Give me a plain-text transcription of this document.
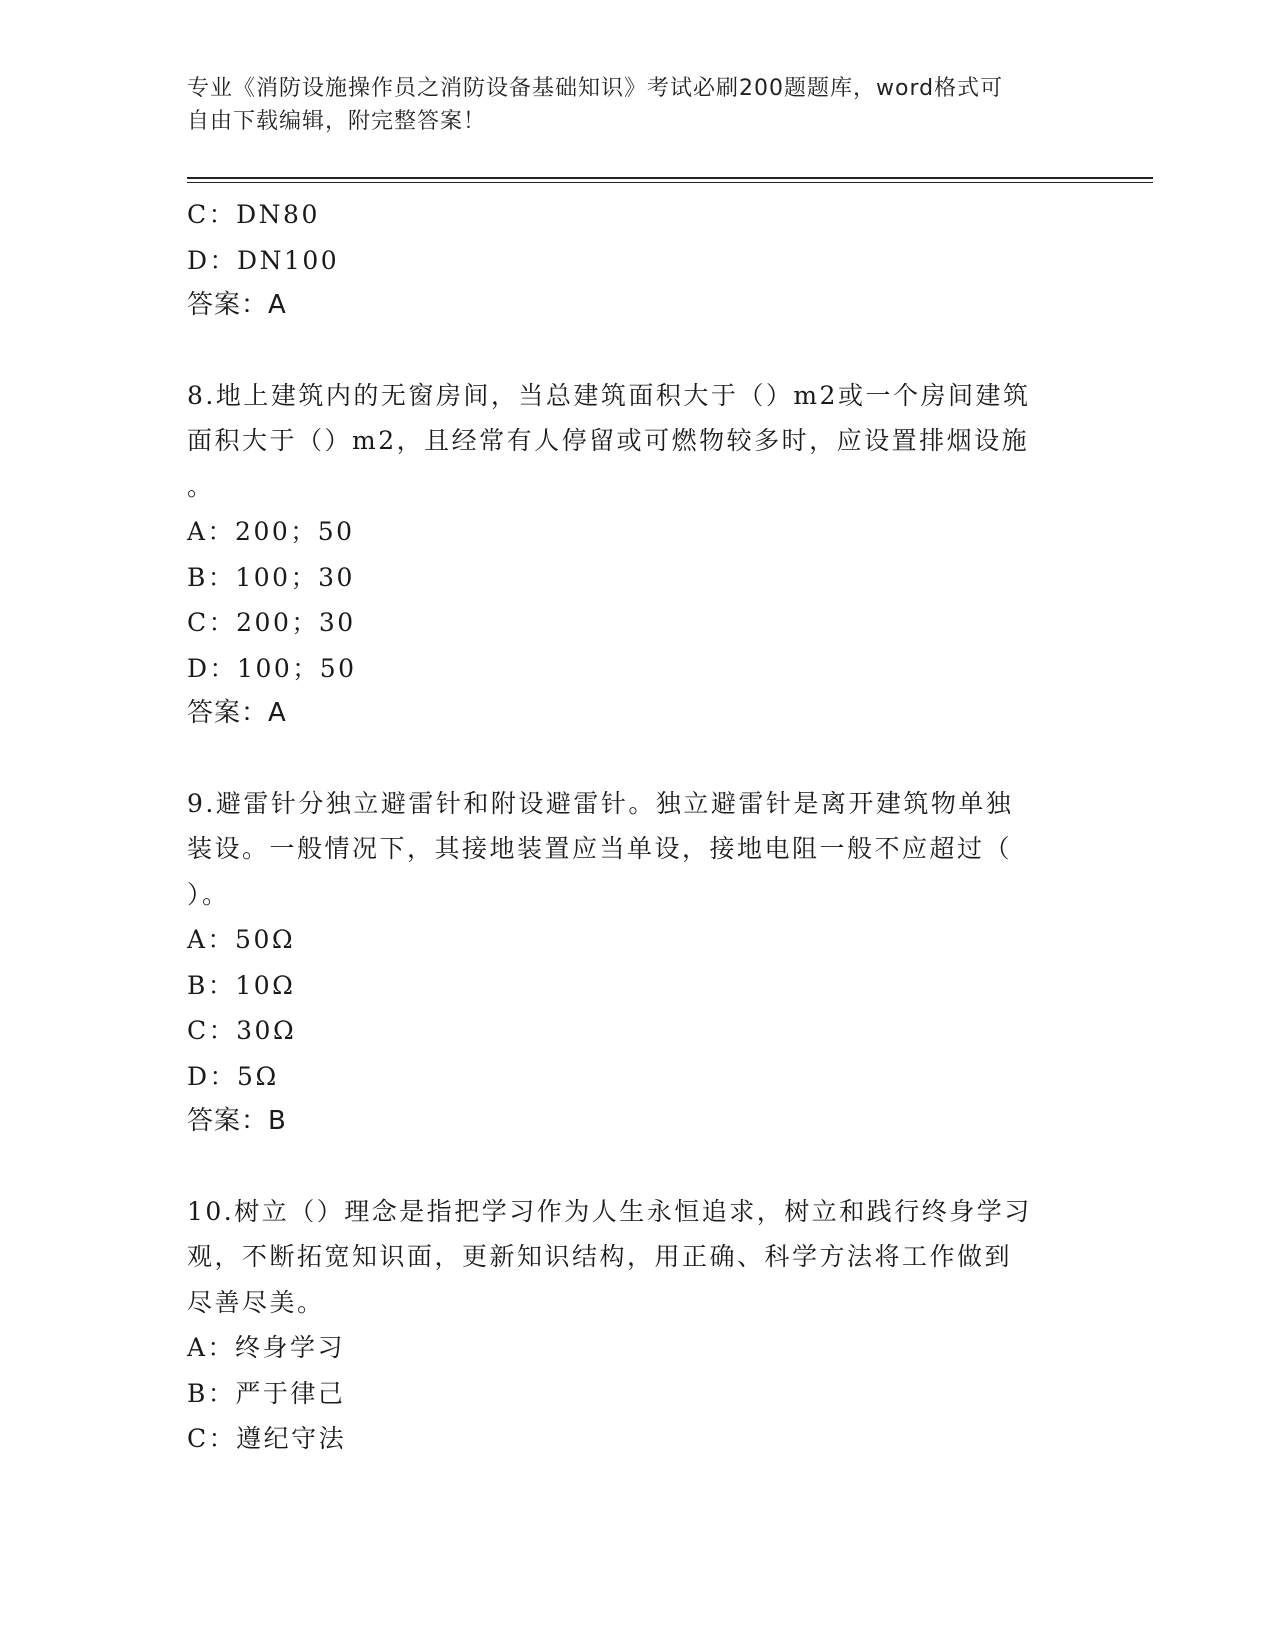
专业《消防设施操作员之消防设备基础知识》考试必刷200题题库，word格式可
自由下载编辑，附完整答案！
C：DN80
D：DN100
答案：A
8.地上建筑内的无窗房间，当总建筑面积大于（）m2或一个房间建筑
面积大于（）m2，且经常有人停留或可燃物较多时，应设置排烟设施
。
A：200；50
B：100；30
C：200；30
D：100；50
答案：A
9.避雷针分独立避雷针和附设避雷针。独立避雷针是离开建筑物单独
装设。一般情况下，其接地装置应当单设，接地电阻一般不应超过（
）。
A：50Ω
B：10Ω
C：30Ω
D：5Ω
答案：B
10.树立（）理念是指把学习作为人生永恒追求，树立和践行终身学习
观，不断拓宽知识面，更新知识结构，用正确、科学方法将工作做到
尽善尽美。
A：终身学习
B：严于律己
C：遵纪守法
